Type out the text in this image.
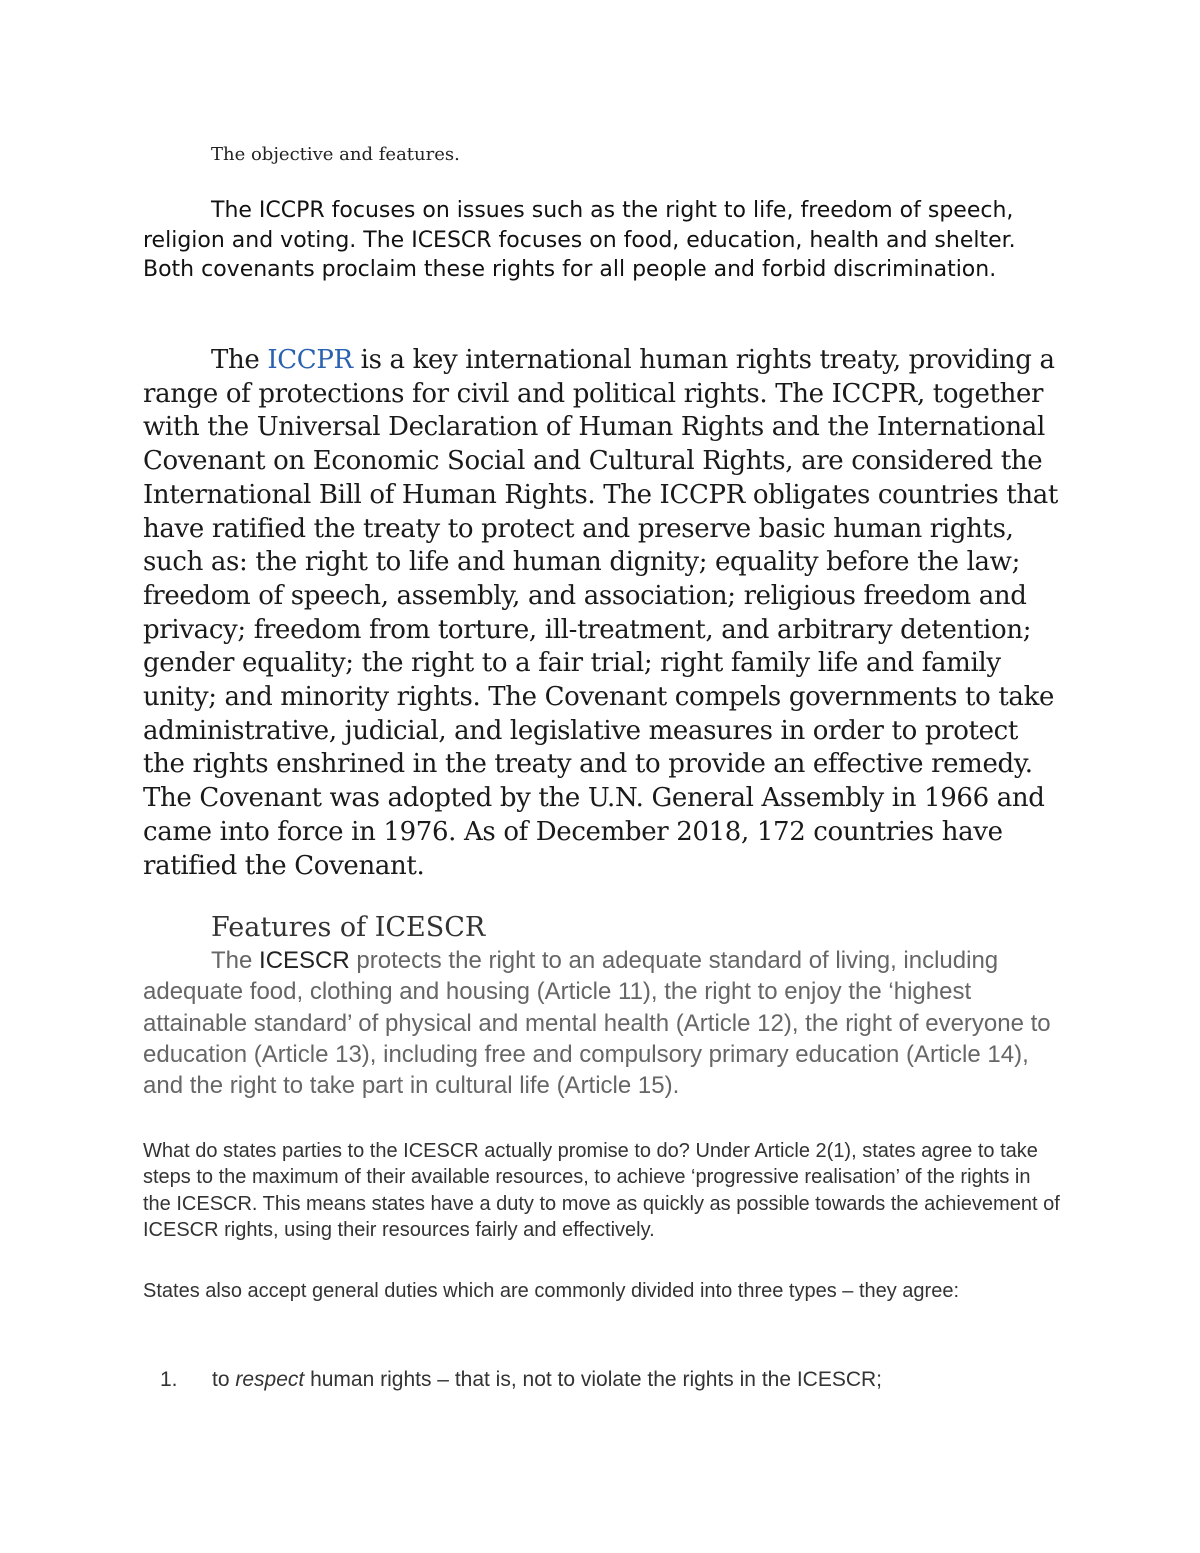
The objective and features.

The ICCPR focuses on issues such as the right to life, freedom of speech, religion and voting. The ICESCR focuses on food, education, health and shelter. Both covenants proclaim these rights for all people and forbid discrimination.

The ICCPR is a key international human rights treaty, providing a range of protections for civil and political rights. The ICCPR, together with the Universal Declaration of Human Rights and the International Covenant on Economic Social and Cultural Rights, are considered the International Bill of Human Rights. The ICCPR obligates countries that have ratified the treaty to protect and preserve basic human rights, such as: the right to life and human dignity; equality before the law; freedom of speech, assembly, and association; religious freedom and privacy; freedom from torture, ill-treatment, and arbitrary detention; gender equality; the right to a fair trial; right family life and family unity; and minority rights. The Covenant compels governments to take administrative, judicial, and legislative measures in order to protect the rights enshrined in the treaty and to provide an effective remedy. The Covenant was adopted by the U.N. General Assembly in 1966 and came into force in 1976. As of December 2018, 172 countries have ratified the Covenant.

Features of ICESCR

The ICESCR protects the right to an adequate standard of living, including adequate food, clothing and housing (Article 11), the right to enjoy the ‘highest attainable standard’ of physical and mental health (Article 12), the right of everyone to education (Article 13), including free and compulsory primary education (Article 14), and the right to take part in cultural life (Article 15).

What do states parties to the ICESCR actually promise to do? Under Article 2(1), states agree to take steps to the maximum of their available resources, to achieve ‘progressive realisation’ of the rights in the ICESCR. This means states have a duty to move as quickly as possible towards the achievement of ICESCR rights, using their resources fairly and effectively.

States also accept general duties which are commonly divided into three types – they agree:

1. to respect human rights – that is, not to violate the rights in the ICESCR;
